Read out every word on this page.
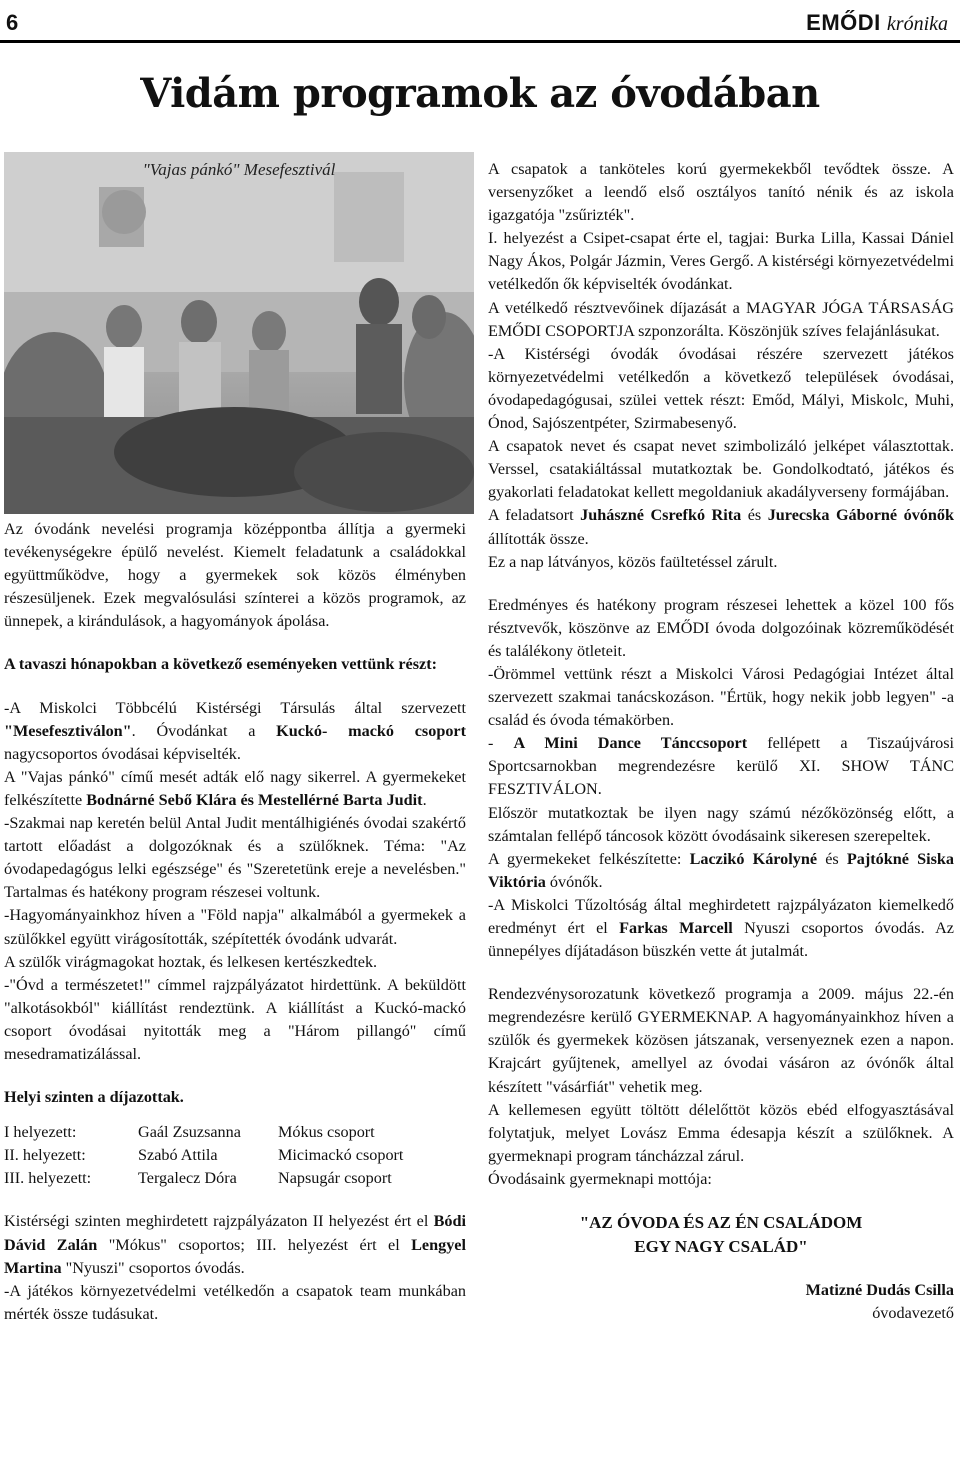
6	EMŐDI krónika
Vidám programok az óvodában
"Vajas pánkó" Mesefesztivál

Az óvodánk nevelési programja középpontba állítja a gyermeki tevékenységekre épülő nevelést. Kiemelt feladatunk a családokkal együttműködve, hogy a gyermekek sok közös élményben részesüljenek. Ezek megvalósulási színterei a közös programok, az ünnepek, a kirándulások, a hagyományok ápolása.

A tavaszi hónapokban a következő eseményeken vettünk részt:

-A Miskolci Többcélú Kistérségi Társulás által szervezett "Mesefesztiválon". Óvodánkat a Kuckó- mackó csoport nagycsoportos óvodásai képviselték.

A "Vajas pánkó" című mesét adták elő nagy sikerrel. A gyermekeket felkészítette Bodnárné Sebő Klára és Mestellérné Barta Judit.

-Szakmai nap keretén belül Antal Judit mentálhigiénés óvodai szakértő tartott előadást a dolgozóknak és a szülőknek. Téma: "Az óvodapedagógus lelki egészsége" és "Szeretetünk ereje a nevelésben." Tartalmas és hatékony program részesei voltunk.

-Hagyományainkhoz híven a "Föld napja" alkalmából a gyermekek a szülőkkel együtt virágosították, szépítették óvodánk udvarát.

A szülők virágmagokat hoztak, és lelkesen kertészkedtek.

-"Óvd a természetet!" címmel rajzpályázatot hirdettünk. A beküldött "alkotásokból" kiállítást rendeztünk. A kiállítást a Kuckó-mackó csoport óvodásai nyitották meg a "Három pillangó" című mesedramatizálással.

Helyi szinten a díjazottak.

I helyezett:	Gaál Zsuzsanna	Mókus csoport
II. helyezett:	Szabó Attila	Micimackó csoport
III. helyezett:	Tergalecz Dóra	Napsugár csoport

Kistérségi szinten meghirdetett rajzpályázaton II helyezést ért el Bódi Dávid Zalán "Mókus" csoportos; III. helyezést ért el Lengyel Martina "Nyuszi" csoportos óvodás.

-A játékos környezetvédelmi vetélkedőn a csapatok team munkában mérték össze tudásukat.

A csapatok a tanköteles korú gyermekekből tevődtek össze. A versenyzőket a leendő első osztályos tanító nénik és az iskola igazgatója "zsűrizték".

I. helyezést a Csipet-csapat érte el, tagjai: Burka Lilla, Kassai Dániel Nagy Ákos, Polgár Jázmin, Veres Gergő. A kistérségi környezetvédelmi vetélkedőn ők képviselték óvodánkat.

A vetélkedő résztvevőinek díjazását a MAGYAR JÓGA TÁRSASÁG EMŐDI CSOPORTJA szponzorálta. Köszönjük szíves felajánlásukat.

-A Kistérségi óvodák óvodásai részére szervezett játékos környezetvédelmi vetélkedőn a következő települések óvodásai, óvodapedagógusai, szülei vettek részt: Emőd, Mályi, Miskolc, Muhi, Ónod, Sajószentpéter, Szirmabesenyő.

A csapatok nevet és csapat nevet szimbolizáló jelképet választottak. Verssel, csatakiáltással mutatkoztak be. Gondolkodtató, játékos és gyakorlati feladatokat kellett megoldaniuk akadályverseny formájában.

A feladatsort Juhászné Csrefkó Rita és Jurecska Gáborné óvónők állították össze.

Ez a nap látványos, közös faültetéssel zárult.

Eredményes és hatékony program részesei lehettek a közel 100 fős résztvevők, köszönve az EMŐDI óvoda dolgozóinak közreműködését és találékony ötleteit.

-Örömmel vettünk részt a Miskolci Városi Pedagógiai Intézet által szervezett szakmai tanácskozáson. "Értük, hogy nekik jobb legyen" -a család és óvoda témakörben.

- A Mini Dance Tánccsoport fellépett a Tiszaújvárosi Sportcsarnokban megrendezésre kerülő XI. SHOW TÁNC FESZTIVÁLON.

Először mutatkoztak be ilyen nagy számú nézőközönség előtt, a számtalan fellépő táncosok között óvodásaink sikeresen szerepeltek.

A gyermekeket felkészítette: Laczikó Károlyné és Pajtókné Siska Viktória óvónők.

-A Miskolci Tűzoltóság által meghirdetett rajzpályázaton kiemelkedő eredményt ért el Farkas Marcell Nyuszi csoportos óvodás. Az ünnepélyes díjátadáson büszkén vette át jutalmát.

Rendezvénysorozatunk következő programja a 2009. május 22.-én megrendezésre kerülő GYERMEKNAP. A hagyományainkhoz híven a szülők és gyermekek közösen játszanak, versenyeznek ezen a napon. Krajcárt gyűjtenek, amellyel az óvodai vásáron az óvónők által készített "vásárfiát" vehetik meg.

A kellemesen együtt töltött délelőttöt közös ebéd elfogyasztásával folytatjuk, melyet Lovász Emma édesapja készít a szülőknek. A gyermeknapi program táncházzal zárul.

Óvodásaink gyermeknapi mottója:

"AZ ÓVODA ÉS AZ ÉN CSALÁDOM
EGY NAGY CSALÁD"
Matizné Dudás Csilla
óvodavezető
